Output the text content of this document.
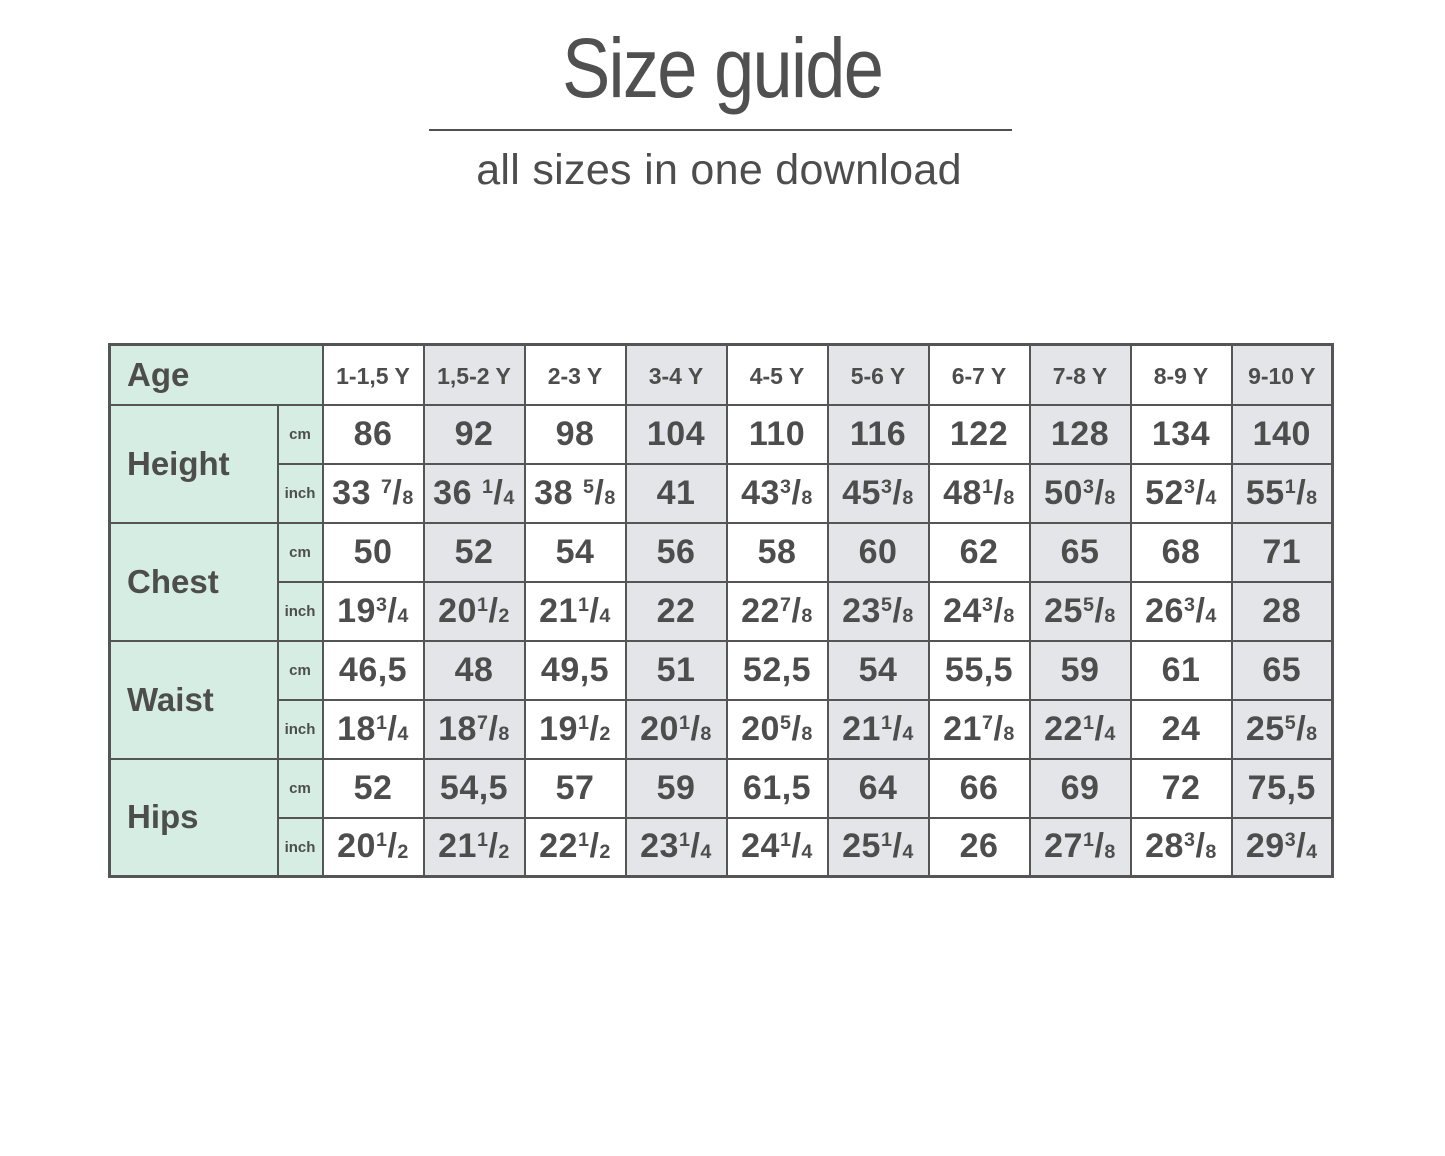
Size guide
all sizes in one download
Age		1-1,5 Y	1,5-2 Y	2-3 Y	3-4 Y	4-5 Y	5-6 Y	6-7 Y	7-8 Y	8-9 Y	9-10 Y
Height	cm	86	92	98	104	110	116	122	128	134	140
	inch	33 $^7/_8$	36 $^1/_4$	38 $^5/_8$	41	$43^3/_8$	$45^3/_8$	$48^1/_8$	$50^3/_8$	$52^3/_4$	$55^1/_8$
Chest	cm	50	52	54	56	58	60	62	65	68	71
	inch	$19^3/_4$	$20^1/_2$	$21^1/_4$	22	$22^7/_8$	$23^5/_8$	$24^3/_8$	$25^5/_8$	$26^3/_4$	28
Waist	cm	46,5	48	49,5	51	52,5	54	55,5	59	61	65
	inch	$18^1/_4$	$18^7/_8$	$19^1/_2$	$20^1/_8$	$20^5/_8$	$21^1/_4$	$21^7/_8$	$22^1/_4$	24	$25^5/_8$
Hips	cm	52	54,5	57	59	61,5	64	66	69	72	75,5
	inch	$20^1/_2$	$21^1/_2$	$22^1/_2$	$23^1/_4$	$24^1/_4$	$25^1/_4$	26	$27^1/_8$	$28^3/_8$	$29^3/_4$
